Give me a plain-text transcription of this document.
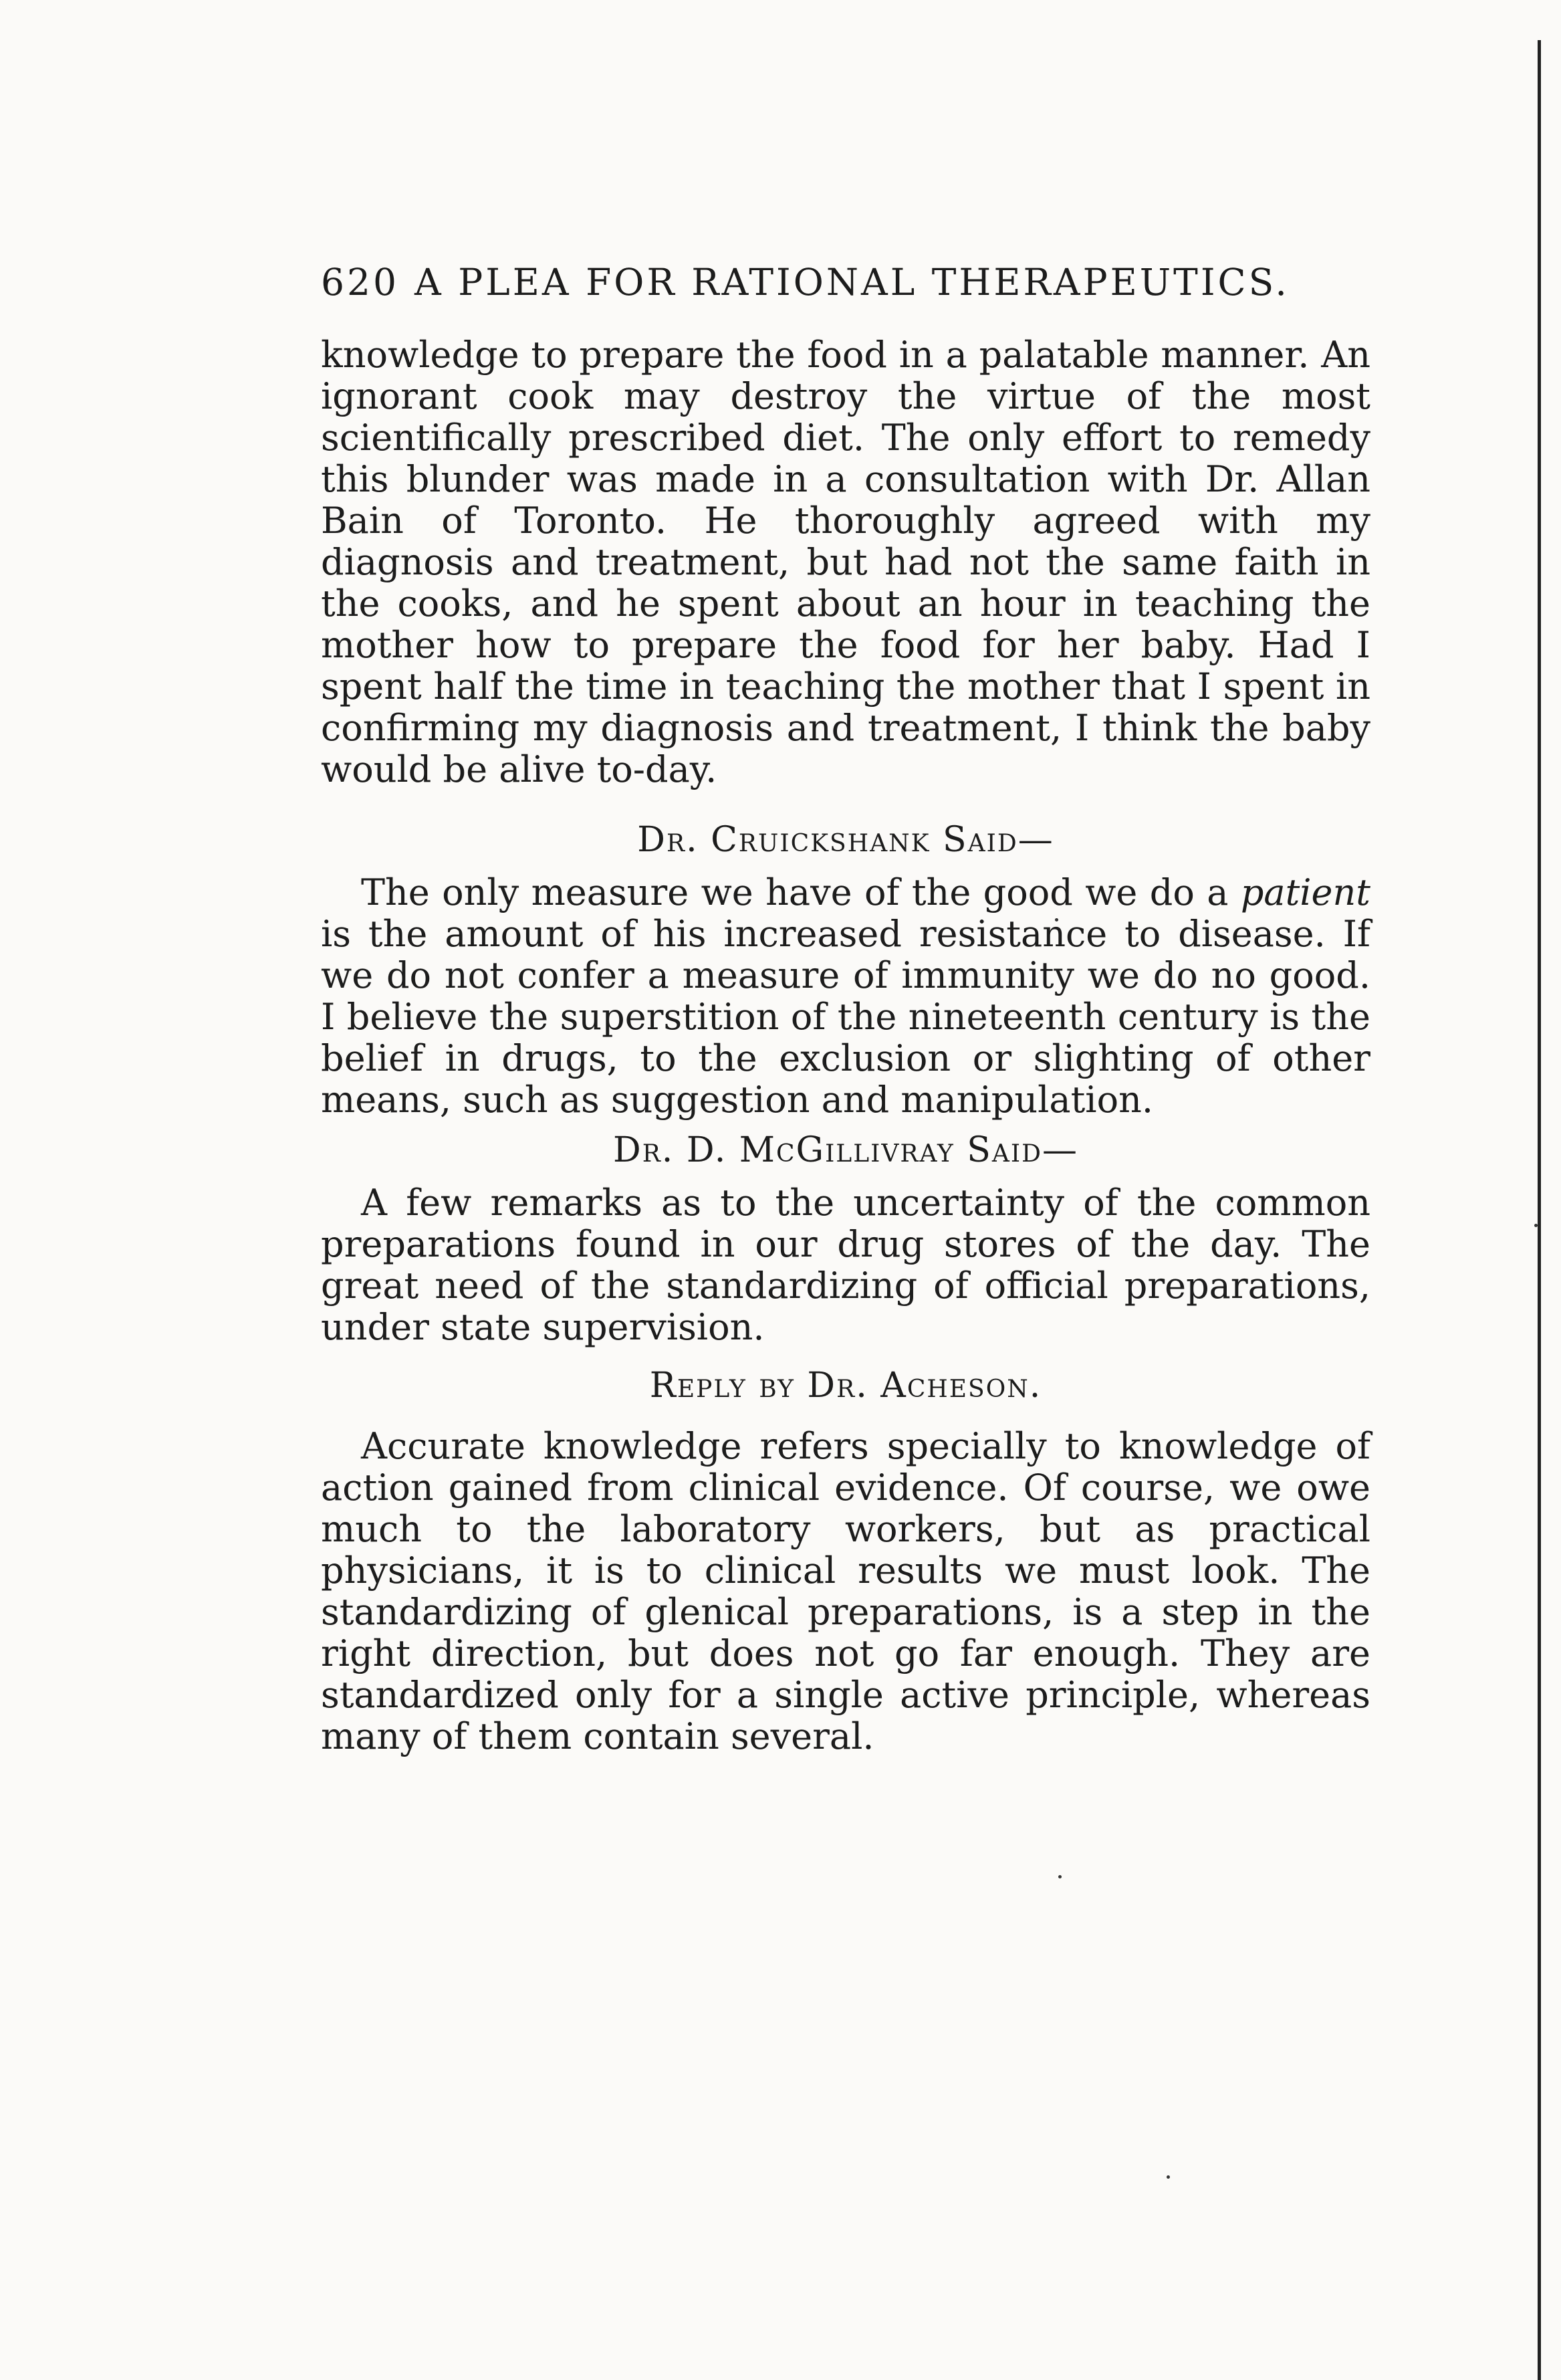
620 A PLEA FOR RATIONAL THERAPEUTICS.

knowledge to prepare the food in a palatable manner. An ignorant cook may destroy the virtue of the most scientifically prescribed diet. The only effort to remedy this blunder was made in a consultation with Dr. Allan Bain of Toronto. He thoroughly agreed with my diagnosis and treatment, but had not the same faith in the cooks, and he spent about an hour in teaching the mother how to prepare the food for her baby. Had I spent half the time in teaching the mother that I spent in confirming my diagnosis and treatment, I think the baby would be alive to-day.

Dr. Cruickshank Said—

The only measure we have of the good we do a patient is the amount of his increased resistance to disease. If we do not confer a measure of immunity we do no good. I believe the superstition of the nineteenth century is the belief in drugs, to the exclusion or slighting of other means, such as suggestion and manipulation.

Dr. D. McGillivray Said—

A few remarks as to the uncertainty of the common preparations found in our drug stores of the day. The great need of the standardizing of official preparations, under state supervision.

Reply by Dr. Acheson.

Accurate knowledge refers specially to knowledge of action gained from clinical evidence. Of course, we owe much to the laboratory workers, but as practical physicians, it is to clinical results we must look. The standardizing of glenical preparations, is a step in the right direction, but does not go far enough. They are standardized only for a single active principle, whereas many of them contain several.
